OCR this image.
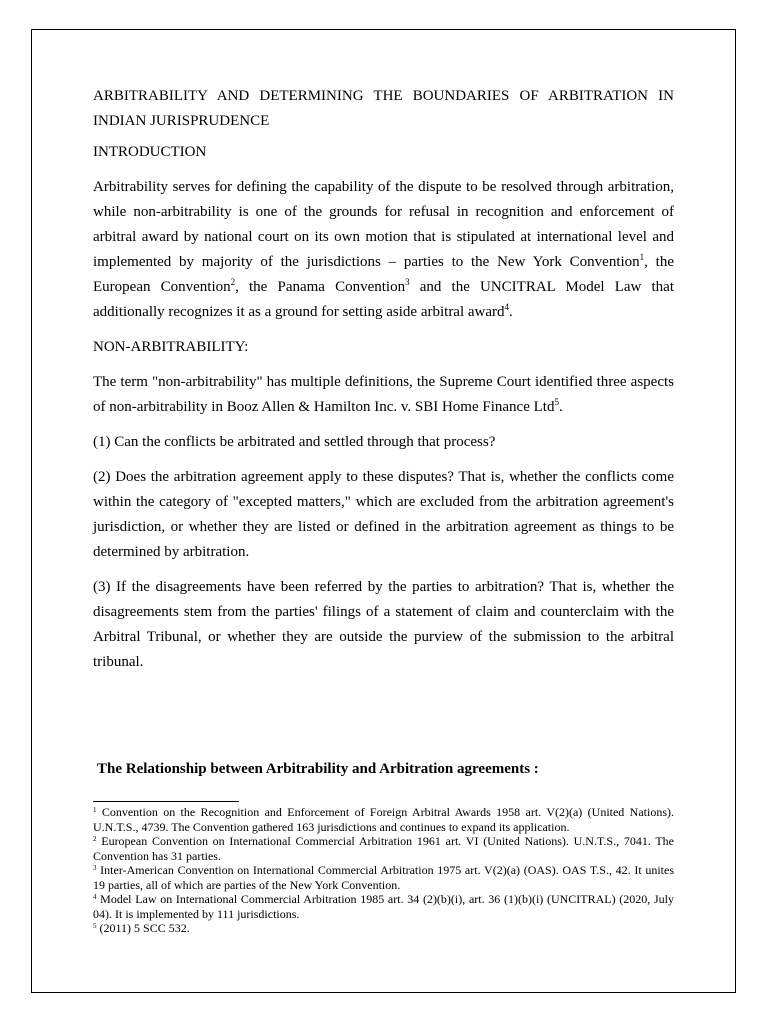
ARBITRABILITY AND DETERMINING THE BOUNDARIES OF ARBITRATION IN INDIAN JURISPRUDENCE

INTRODUCTION

Arbitrability serves for defining the capability of the dispute to be resolved through arbitration, while non-arbitrability is one of the grounds for refusal in recognition and enforcement of arbitral award by national court on its own motion that is stipulated at international level and implemented by majority of the jurisdictions – parties to the New York Convention$^1$, the European Convention$^2$, the Panama Convention$^3$ and the UNCITRAL Model Law that additionally recognizes it as a ground for setting aside arbitral award$^4$.

NON-ARBITRABILITY:

The term "non-arbitrability" has multiple definitions, the Supreme Court identified three aspects of non-arbitrability in Booz Allen & Hamilton Inc. v. SBI Home Finance Ltd$^5$.

(1) Can the conflicts be arbitrated and settled through that process?

(2) Does the arbitration agreement apply to these disputes? That is, whether the conflicts come within the category of "excepted matters," which are excluded from the arbitration agreement's jurisdiction, or whether they are listed or defined in the arbitration agreement as things to be determined by arbitration.

(3) If the disagreements have been referred by the parties to arbitration? That is, whether the disagreements stem from the parties' filings of a statement of claim and counterclaim with the Arbitral Tribunal, or whether they are outside the purview of the submission to the arbitral tribunal.

The Relationship between Arbitrability and Arbitration agreements :

$^1$ Convention on the Recognition and Enforcement of Foreign Arbitral Awards 1958 art. V(2)(a) (United Nations). U.N.T.S., 4739. The Convention gathered 163 jurisdictions and continues to expand its application.

$^2$ European Convention on International Commercial Arbitration 1961 art. VI (United Nations). U.N.T.S., 7041. The Convention has 31 parties.

$^3$ Inter-American Convention on International Commercial Arbitration 1975 art. V(2)(a) (OAS). OAS T.S., 42. It unites 19 parties, all of which are parties of the New York Convention.

$^4$ Model Law on International Commercial Arbitration 1985 art. 34 (2)(b)(i), art. 36 (1)(b)(i) (UNCITRAL) (2020, July 04). It is implemented by 111 jurisdictions.

$^5$ (2011) 5 SCC 532.
